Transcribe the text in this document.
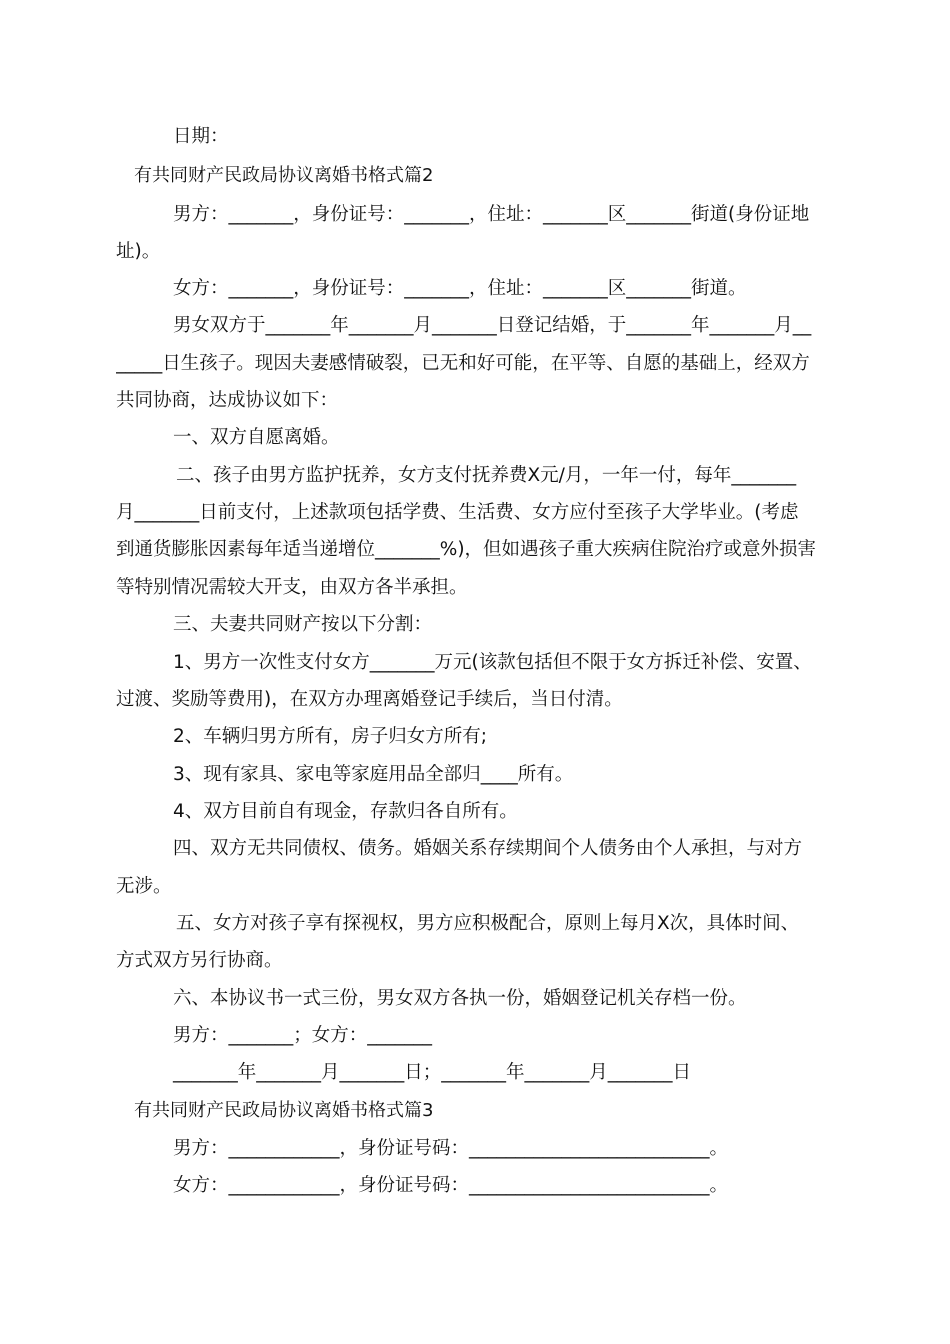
日期：
有共同财产民政局协议离婚书格式篇2
男方：_______，身份证号：_______，住址：_______区_______街道(身份证地
址)。
女方：_______，身份证号：_______，住址：_______区_______街道。
男女双方于_______年_______月_______日登记结婚，于_______年_______月__
_____日生孩子。现因夫妻感情破裂，已无和好可能，在平等、自愿的基础上，经双方
共同协商，达成协议如下：
一、双方自愿离婚。
二、孩子由男方监护抚养，女方支付抚养费X元/月，一年一付，每年_______
月_______日前支付，上述款项包括学费、生活费、女方应付至孩子大学毕业。(考虑
到通货膨胀因素每年适当递增位_______%)，但如遇孩子重大疾病住院治疗或意外损害
等特别情况需较大开支，由双方各半承担。
三、夫妻共同财产按以下分割：
1、男方一次性支付女方_______万元(该款包括但不限于女方拆迁补偿、安置、
过渡、奖励等费用)，在双方办理离婚登记手续后，当日付清。
2、车辆归男方所有，房子归女方所有;
3、现有家具、家电等家庭用品全部归____所有。
4、双方目前自有现金，存款归各自所有。
四、双方无共同债权、债务。婚姻关系存续期间个人债务由个人承担，与对方
无涉。
五、女方对孩子享有探视权，男方应积极配合，原则上每月X次，具体时间、
方式双方另行协商。
六、本协议书一式三份，男女双方各执一份，婚姻登记机关存档一份。
男方：_______；女方：_______
_______年_______月_______日；_______年_______月_______日
有共同财产民政局协议离婚书格式篇3
男方：____________，身份证号码：__________________________。
女方：____________，身份证号码：__________________________。
